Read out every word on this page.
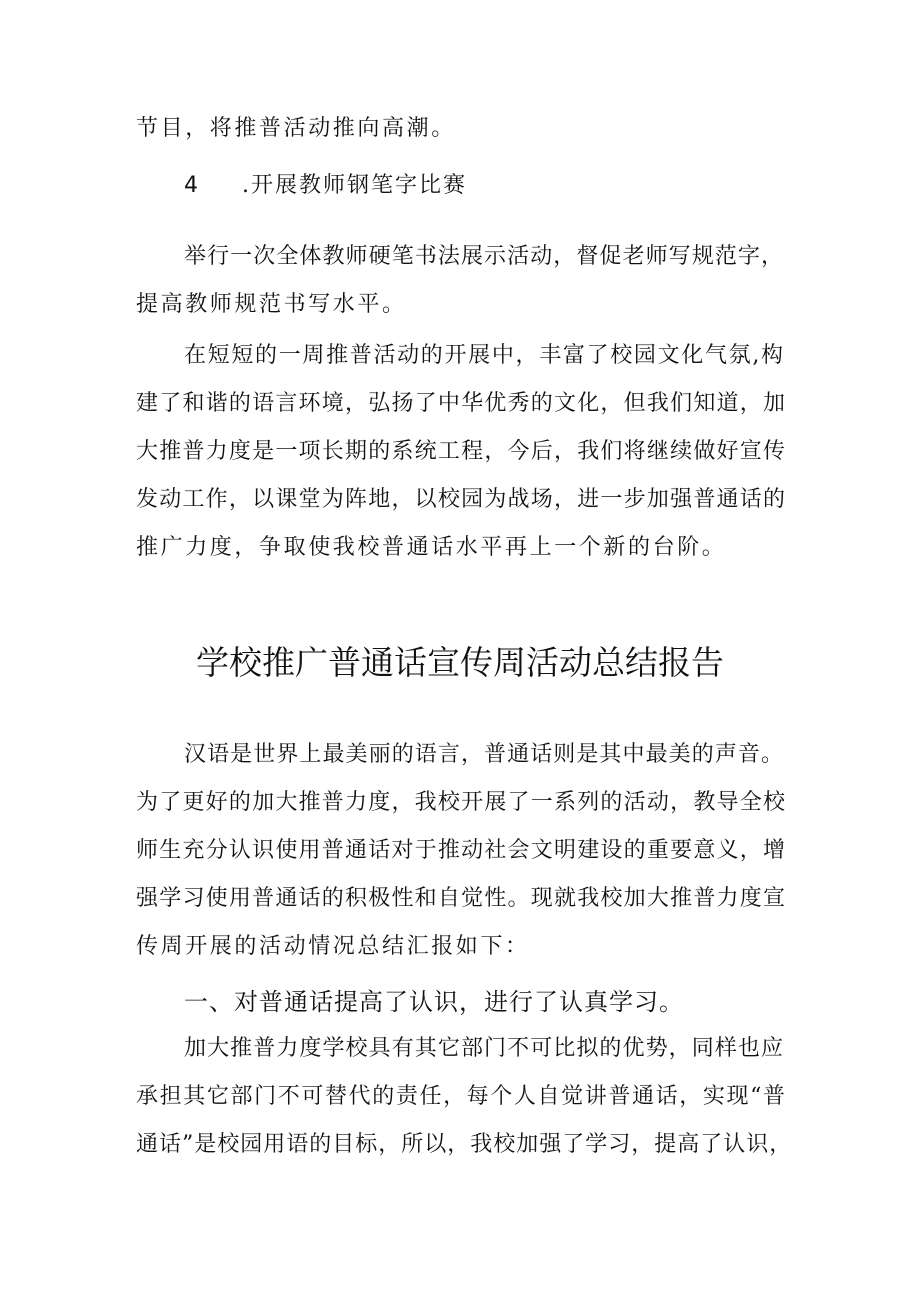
节目，将推普活动推向高潮。
4 .开展教师钢笔字比赛
举行一次全体教师硬笔书法展示活动，督促老师写规范字，
提高教师规范书写水平。
在短短的一周推普活动的开展中，丰富了校园文化气氛,构
建了和谐的语言环境，弘扬了中华优秀的文化，但我们知道，加
大推普力度是一项长期的系统工程，今后，我们将继续做好宣传
发动工作，以课堂为阵地，以校园为战场，进一步加强普通话的
推广力度，争取使我校普通话水平再上一个新的台阶。
学校推广普通话宣传周活动总结报告
汉语是世界上最美丽的语言，普通话则是其中最美的声音。
为了更好的加大推普力度，我校开展了一系列的活动，教导全校
师生充分认识使用普通话对于推动社会文明建设的重要意义，增
强学习使用普通话的积极性和自觉性。现就我校加大推普力度宣
传周开展的活动情况总结汇报如下：
一、对普通话提高了认识，进行了认真学习。
加大推普力度学校具有其它部门不可比拟的优势，同样也应
承担其它部门不可替代的责任，每个人自觉讲普通话，实现“普
通话”是校园用语的目标，所以，我校加强了学习，提高了认识，
